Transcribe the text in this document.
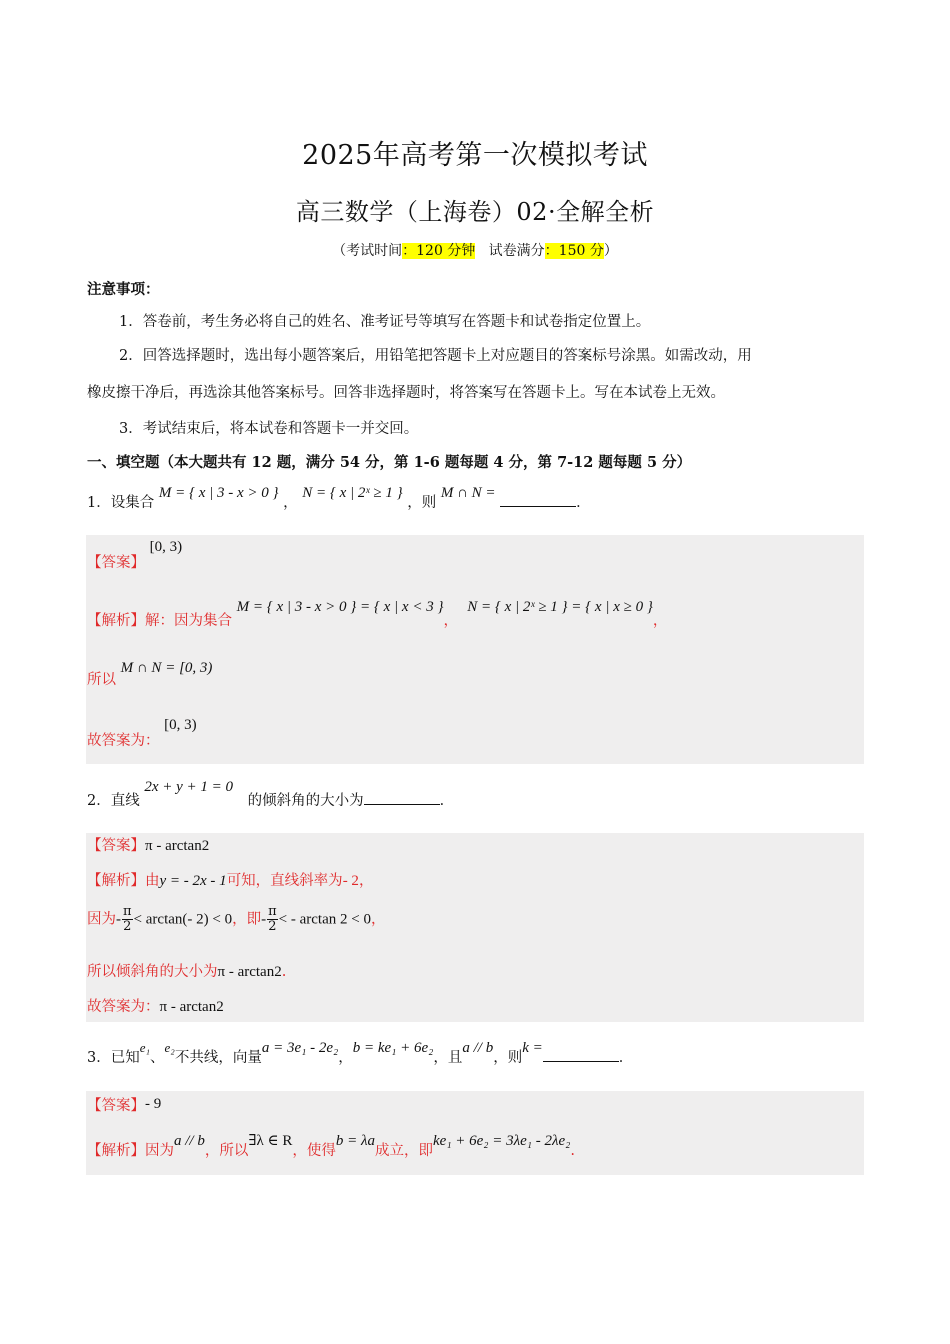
2025年高考第一次模拟考试
高三数学（上海卷）02·全解全析
（考试时间：120 分钟 试卷满分：150 分）
注意事项：
1．答卷前，考生务必将自己的姓名、准考证号等填写在答题卡和试卷指定位置上。
2．回答选择题时，选出每小题答案后，用铅笔把答题卡上对应题目的答案标号涂黑。如需改动，用
橡皮擦干净后，再选涂其他答案标号。回答非选择题时，将答案写在答题卡上。写在本试卷上无效。
3．考试结束后，将本试卷和答题卡一并交回。
一、填空题（本大题共有 12 题，满分 54 分，第 1-6 题每题 4 分，第 7-12 题每题 5 分）
1．设集合 M = { x | 3 - x > 0 } ， N = { x | 2ˣ ≥ 1 } ，则 M ∩ N = ．
【答案】 [0, 3)
【解析】解：因为集合 M = { x | 3 - x > 0 } = { x | x < 3 }，  N = { x | 2ˣ ≥ 1 } = { x | x ≥ 0 }，
所以 M ∩ N = [0, 3)
故答案为： [0, 3)
2．直线 2x + y + 1 = 0 的倾斜角的大小为	．
【答案】π - arctan2
【解析】由y = - 2x - 1可知，直线斜率为- 2，
因为- $\frac{\pi}{2} < \arctan(-$ 2) < 0，即- $\frac{\pi}{2}$ < - arctan 2 < 0，
所以倾斜角的大小为π - arctan2.
故答案为：π - arctan2
3．已知e₁、e₂不共线，向量a = 3e₁ - 2e₂，b = ke₁ + 6e₂，且a // b，则k =．
【答案】- 9
【解析】因为a // b，所以∃λ ∈ R，使得b = λa成立，即ke₁ + 6e₂ = 3λe₁ - 2λe₂.
